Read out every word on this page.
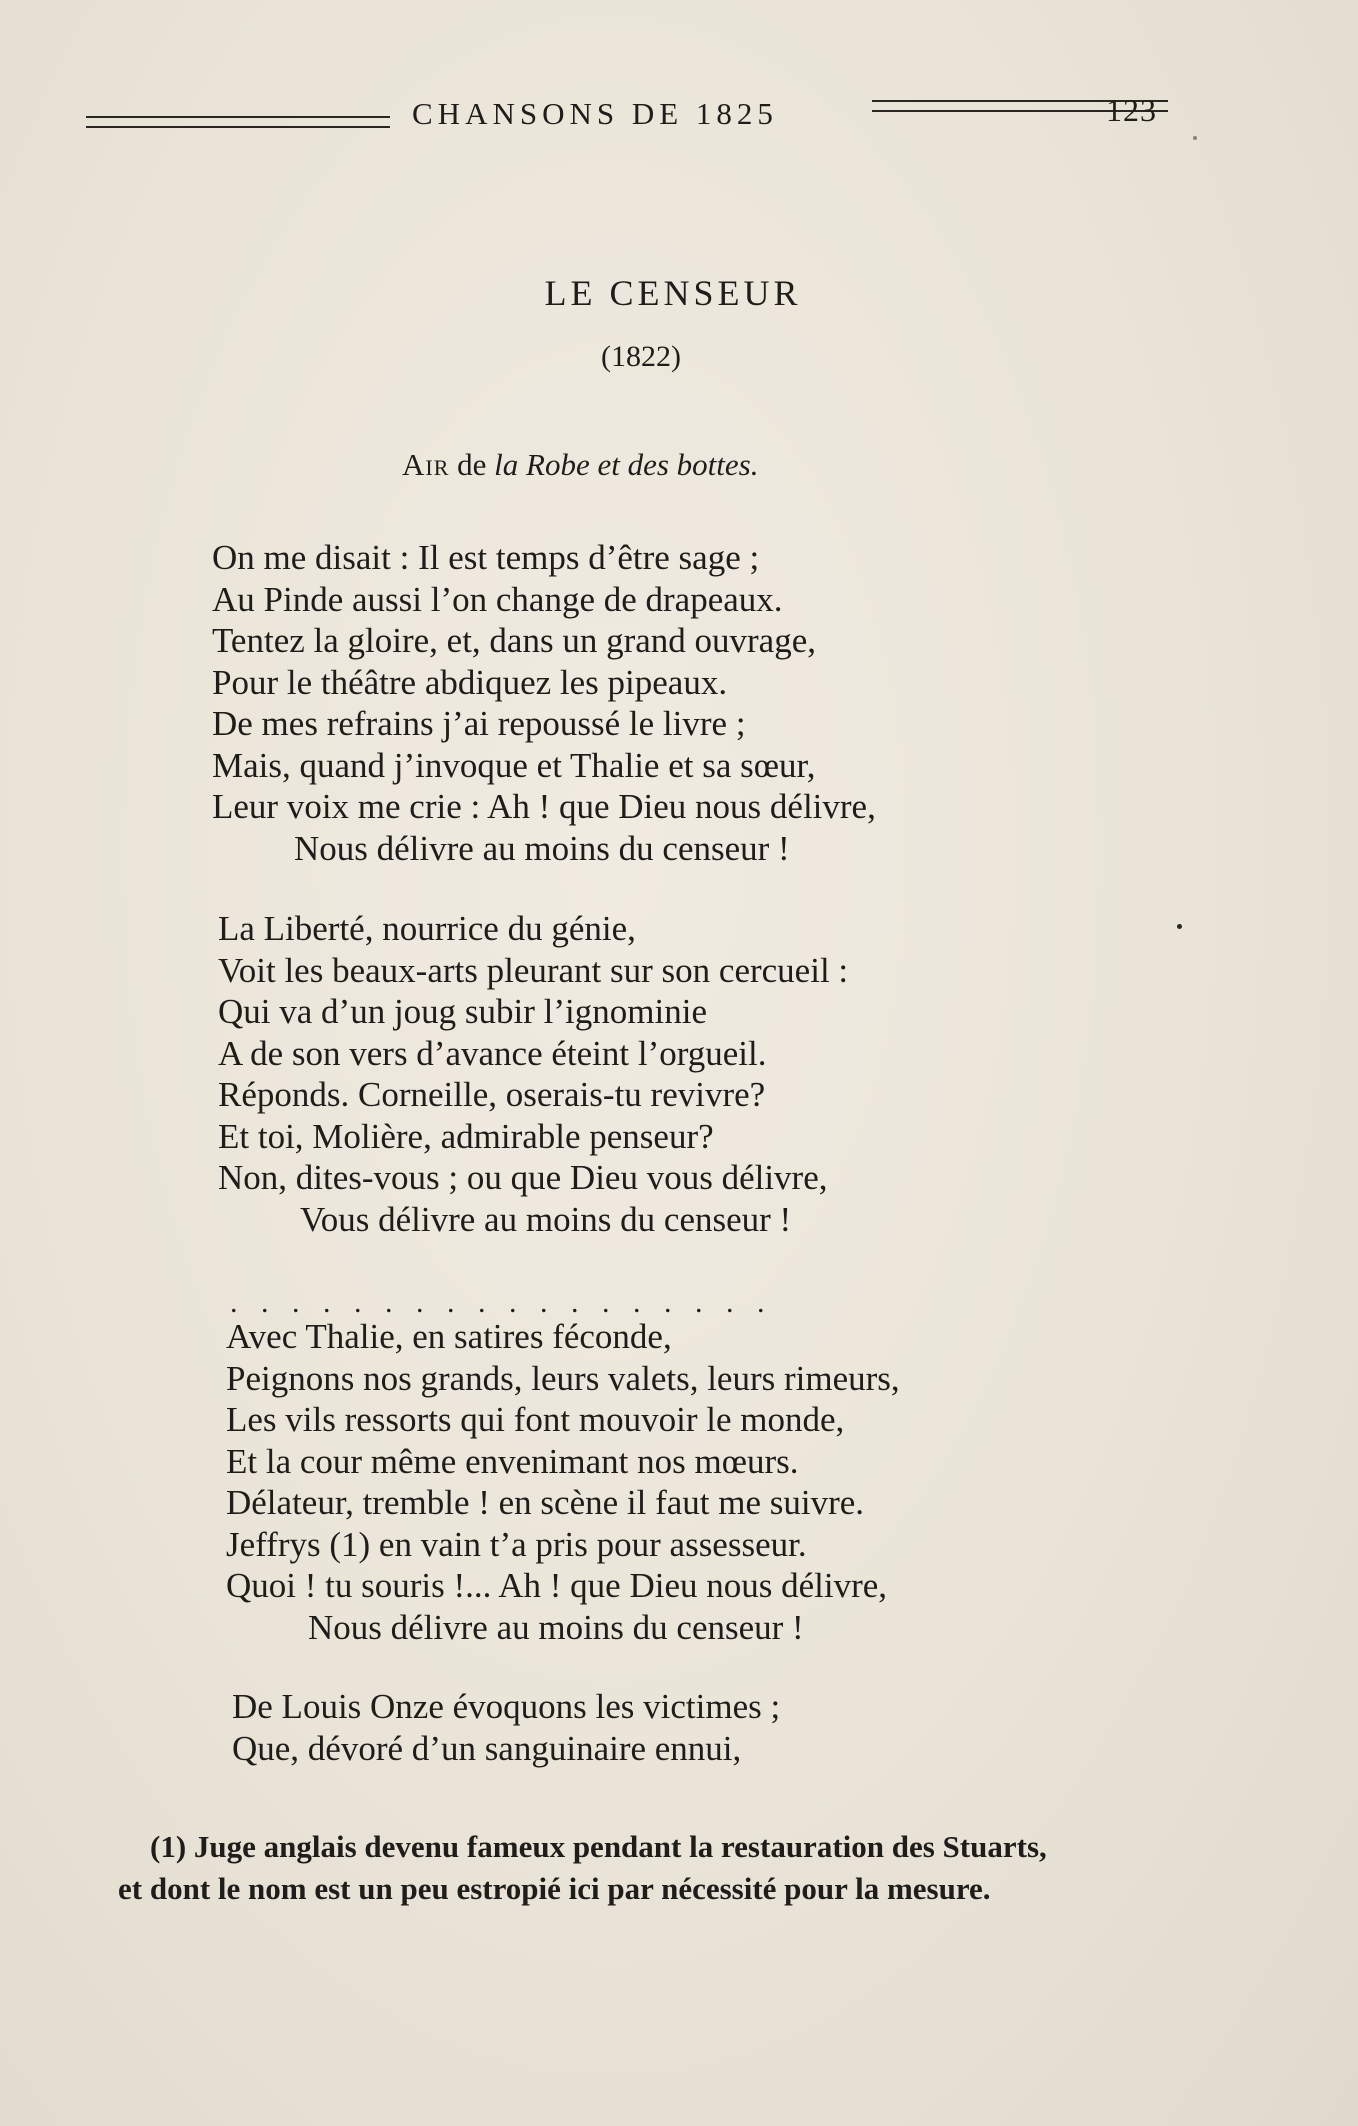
CHANSONS DE 1825	123
LE CENSEUR
(1822)
Air de la Robe et des bottes.
On me disait : Il est temps d’être sage ;
Au Pinde aussi l’on change de drapeaux.
Tentez la gloire, et, dans un grand ouvrage,
Pour le théâtre abdiquez les pipeaux.
De mes refrains j’ai repoussé le livre ;
Mais, quand j’invoque et Thalie et sa sœur,
Leur voix me crie : Ah ! que Dieu nous délivre,
Nous délivre au moins du censeur !
La Liberté, nourrice du génie,
Voit les beaux-arts pleurant sur son cercueil :
Qui va d’un joug subir l’ignominie
A de son vers d’avance éteint l’orgueil.
Réponds. Corneille, oserais-tu revivre?
Et toi, Molière, admirable penseur?
Non, dites-vous ; ou que Dieu vous délivre,
Vous délivre au moins du censeur !
. . . . . . . . . . . . . . . . . .
Avec Thalie, en satires féconde,
Peignons nos grands, leurs valets, leurs rimeurs,
Les vils ressorts qui font mouvoir le monde,
Et la cour même envenimant nos mœurs.
Délateur, tremble ! en scène il faut me suivre.
Jeffrys (1) en vain t’a pris pour assesseur.
Quoi ! tu souris !... Ah ! que Dieu nous délivre,
Nous délivre au moins du censeur !
De Louis Onze évoquons les victimes ;
Que, dévoré d’un sanguinaire ennui,
(1) Juge anglais devenu fameux pendant la restauration des Stuarts,
et dont le nom est un peu estropié ici par nécessité pour la mesure.
